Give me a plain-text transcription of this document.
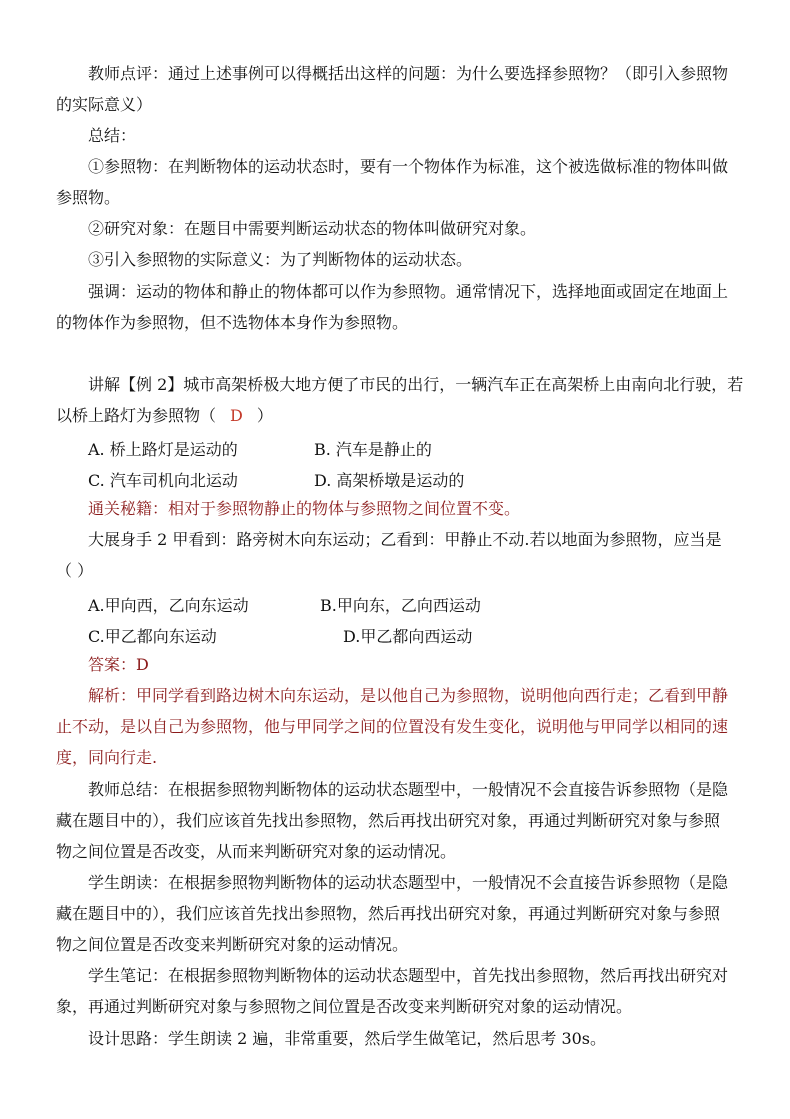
教师点评：通过上述事例可以得概括出这样的问题：为什么要选择参照物？（即引入参照物
的实际意义）
总结：
①参照物：在判断物体的运动状态时，要有一个物体作为标准，这个被选做标准的物体叫做
参照物。
②研究对象：在题目中需要判断运动状态的物体叫做研究对象。
③引入参照物的实际意义：为了判断物体的运动状态。
强调：运动的物体和静止的物体都可以作为参照物。通常情况下，选择地面或固定在地面上
的物体作为参照物，但不选物体本身作为参照物。
讲解【例 2】城市高架桥极大地方便了市民的出行，一辆汽车正在高架桥上由南向北行驶，若
以桥上路灯为参照物（ D ）
A. 桥上路灯是运动的	B. 汽车是静止的
C. 汽车司机向北运动	D. 高架桥墩是运动的
通关秘籍：相对于参照物静止的物体与参照物之间位置不变。
大展身手 2 甲看到：路旁树木向东运动；乙看到：甲静止不动.若以地面为参照物，应当是
（ ）
A.甲向西，乙向东运动	B.甲向东，乙向西运动
C.甲乙都向东运动	D.甲乙都向西运动
答案：D
解析：甲同学看到路边树木向东运动，是以他自己为参照物，说明他向西行走；乙看到甲静
止不动，是以自己为参照物，他与甲同学之间的位置没有发生变化，说明他与甲同学以相同的速
度，同向行走.
教师总结：在根据参照物判断物体的运动状态题型中，一般情况不会直接告诉参照物（是隐
藏在题目中的），我们应该首先找出参照物，然后再找出研究对象，再通过判断研究对象与参照
物之间位置是否改变，从而来判断研究对象的运动情况。
学生朗读：在根据参照物判断物体的运动状态题型中，一般情况不会直接告诉参照物（是隐
藏在题目中的），我们应该首先找出参照物，然后再找出研究对象，再通过判断研究对象与参照
物之间位置是否改变来判断研究对象的运动情况。
学生笔记：在根据参照物判断物体的运动状态题型中，首先找出参照物，然后再找出研究对
象，再通过判断研究对象与参照物之间位置是否改变来判断研究对象的运动情况。
设计思路：学生朗读 2 遍，非常重要，然后学生做笔记，然后思考 30s。
